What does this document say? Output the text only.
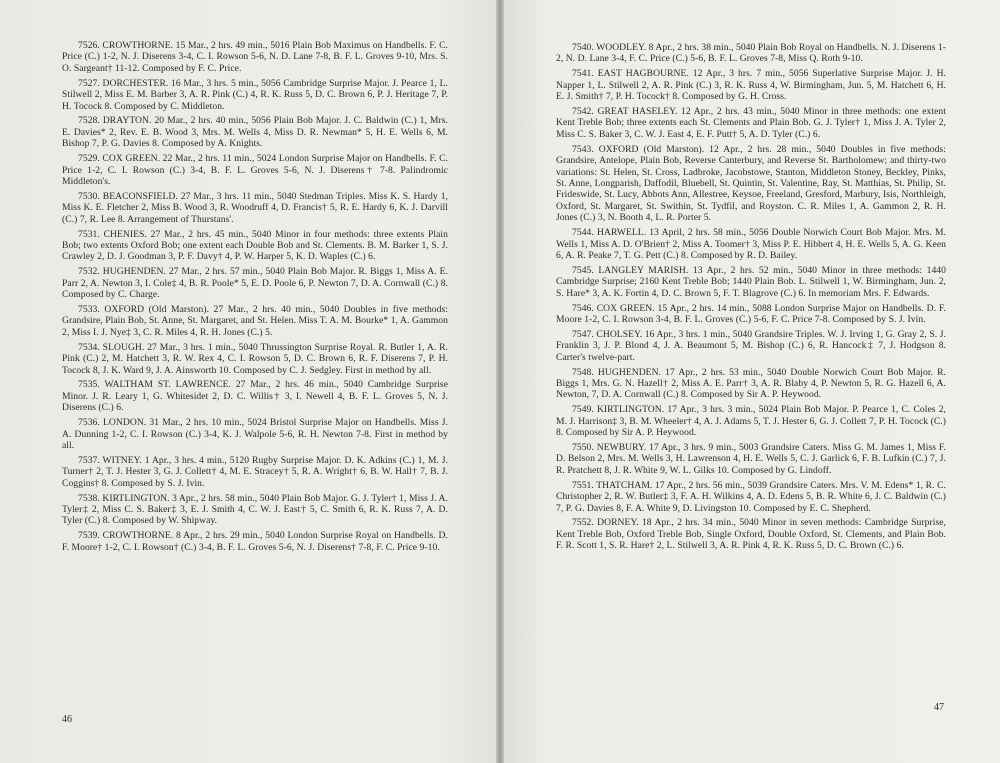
7526. CROWTHORNE. 15 Mar., 2 hrs. 49 min., 5016 Plain Bob Maximus on Handbells. F. C. Price (C.) 1-2, N. J. Diserens 3-4, C. I. Rowson 5-6, N. D. Lane 7-8, B. F. L. Groves 9-10, Mrs. S. O. Sargeant† 11-12. Composed by F. C. Price.

7527. DORCHESTER. 16 Mar., 3 hrs. 5 min., 5056 Cambridge Surprise Major. J. Pearce 1, L. Stilwell 2, Miss E. M. Barber 3, A. R. Pink (C.) 4, R. K. Russ 5, D. C. Brown 6, P. J. Heritage 7, P. H. Tocock 8. Composed by C. Middleton.

7528. DRAYTON. 20 Mar., 2 hrs. 40 min., 5056 Plain Bob Major. J. C. Baldwin (C.) 1, Mrs. E. Davies* 2, Rev. E. B. Wood 3, Mrs. M. Wells 4, Miss D. R. Newman* 5, H. E. Wells 6, M. Bishop 7, P. G. Davies 8. Composed by A. Knights.

7529. COX GREEN. 22 Mar., 2 hrs. 11 min., 5024 London Surprise Major on Handbells. F. C. Price 1-2, C. I. Rowson (C.) 3-4, B. F. L. Groves 5-6, N. J. Diserens† 7-8. Palindromic Middleton's.

7530. BEACONSFIELD. 27 Mar., 3 hrs. 11 min., 5040 Stedman Triples. Miss K. S. Hardy 1, Miss K. E. Fletcher 2, Miss B. Wood 3, R. Woodruff 4, D. Francis† 5, R. E. Hardy 6, K. J. Darvill (C.) 7, R. Lee 8. Arrangement of Thurstans'.

7531. CHENIES. 27 Mar., 2 hrs. 45 min., 5040 Minor in four methods: three extents Plain Bob; two extents Oxford Bob; one extent each Double Bob and St. Clements. B. M. Barker 1, S. J. Crawley 2, D. J. Goodman 3, P. F. Davy† 4, P. W. Harper 5, K. D. Waples (C.) 6.

7532. HUGHENDEN. 27 Mar., 2 hrs. 57 min., 5040 Plain Bob Major. R. Biggs 1, Miss A. E. Parr 2, A. Newton 3, I. Cole‡ 4, B. R. Poole* 5, E. D. Poole 6, P. Newton 7, D. A. Cornwall (C.) 8. Composed by C. Charge.

7533. OXFORD (Old Marston). 27 Mar., 2 hrs. 40 min., 5040 Doubles in five methods: Grandsire, Plain Bob, St. Anne, St. Margaret, and St. Helen. Miss T. A. M. Bourke* 1, A. Gammon 2, Miss I. J. Nye‡ 3, C. R. Miles 4, R. H. Jones (C.) 5.

7534. SLOUGH. 27 Mar., 3 hrs. 1 min., 5040 Thrussington Surprise Royal. R. Butler 1, A. R. Pink (C.) 2, M. Hatchett 3, R. W. Rex 4, C. I. Rowson 5, D. C. Brown 6, R. F. Diserens 7, P. H. Tocock 8, J. K. Ward 9, J. A. Ainsworth 10. Composed by C. J. Sedgley. First in method by all.

7535. WALTHAM ST. LAWRENCE. 27 Mar., 2 hrs. 46 min., 5040 Cambridge Surprise Minor. J. R. Leary 1, G. Whitesidet 2, D. C. Willis† 3, I. Newell 4, B. F. L. Groves 5, N. J. Diserens (C.) 6.

7536. LONDON. 31 Mar., 2 hrs. 10 min., 5024 Bristol Surprise Major on Handbells. Miss J. A. Dunning 1-2, C. I. Rowson (C.) 3-4, K. J. Walpole 5-6, R. H. Newton 7-8. First in method by all.

7537. WITNEY. 1 Apr., 3 hrs. 4 min., 5120 Rugby Surprise Major. D. K. Adkins (C.) 1, M. J. Turner† 2, T. J. Hester 3, G. J. Collett† 4, M. E. Stracey† 5, R. A. Wright† 6, B. W. Hall† 7, B. J. Coggins† 8. Composed by S. J. Ivin.

7538. KIRTLINGTON. 3 Apr., 2 hrs. 58 min., 5040 Plain Bob Major. G. J. Tyler† 1, Miss J. A. Tyler‡ 2, Miss C. S. Baker‡ 3, E. J. Smith 4, C. W. J. East† 5, C. Smith 6, R. K. Russ 7, A. D. Tyler (C.) 8. Composed by W. Shipway.

7539. CROWTHORNE. 8 Apr., 2 hrs. 29 min., 5040 London Surprise Royal on Handbells. D. F. Moore† 1-2, C. I. Rowson† (C.) 3-4, B. F. L. Groves 5-6, N. J. Diserens† 7-8, F. C. Price 9-10.

46

7540. WOODLEY. 8 Apr., 2 hrs. 38 min., 5040 Plain Bob Royal on Handbells. N. J. Diserens 1-2, N. D. Lane 3-4, F. C. Price (C.) 5-6, B. F. L. Groves 7-8, Miss Q. Roth 9-10.

7541. EAST HAGBOURNE. 12 Apr., 3 hrs. 7 min., 5056 Superlative Surprise Major. J. H. Napper 1, L. Stilwell 2, A. R. Pink (C.) 3, R. K. Russ 4, W. Birmingham, Jun. 5, M. Hatchett 6, H. E. J. Smith† 7, P. H. Tocock† 8. Composed by G. H. Cross.

7542. GREAT HASELEY. 12 Apr., 2 hrs. 43 min., 5040 Minor in three methods: one extent Kent Treble Bob; three extents each St. Clements and Plain Bob. G. J. Tyler† 1, Miss J. A. Tyler 2, Miss C. S. Baker 3, C. W. J. East 4, E. F. Putt† 5, A. D. Tyler (C.) 6.

7543. OXFORD (Old Marston). 12 Apr., 2 hrs. 28 min., 5040 Doubles in five methods: Grandsire, Antelope, Plain Bob, Reverse Canterbury, and Reverse St. Bartholomew; and thirty-two variations: St. Helen, St. Cross, Ladbroke, Jacobstowe, Stanton, Middleton Stoney, Beckley, Pinks, St. Anne, Longparish, Daffodil, Bluebell, St. Quintin, St. Valentine, Ray, St. Matthias, St. Philip, St. Frideswide, St. Lucy, Abbots Ann, Allestree, Keysoe, Freeland, Gresford, Marbury, Isis, Northleigh, Oxford, St. Margaret, St. Swithin, St. Tydfil, and Royston. C. R. Miles 1, A. Gammon 2, R. H. Jones (C.) 3, N. Booth 4, L. R. Porter 5.

7544. HARWELL. 13 April, 2 hrs. 58 min., 5056 Double Norwich Court Bob Major. Mrs. M. Wells 1, Miss A. D. O'Brien† 2, Miss A. Toomer† 3, Miss P. E. Hibbert 4, H. E. Wells 5, A. G. Keen 6, A. R. Peake 7, T. G. Pett (C.) 8. Composed by R. D. Bailey.

7545. LANGLEY MARISH. 13 Apr., 2 hrs. 52 min., 5040 Minor in three methods: 1440 Cambridge Surprise; 2160 Kent Treble Bob; 1440 Plain Bob. L. Stilwell 1, W. Birmingham, Jun. 2, S. Hare* 3, A. K. Fortin 4, D. C. Brown 5, F. T. Blagrove (C.) 6. In memoriam Mrs. F. Edwards.

7546. COX GREEN. 15 Apr., 2 hrs. 14 min., 5088 London Surprise Major on Handbells. D. F. Moore 1-2, C. I. Rowson 3-4, B. F. L. Groves (C.) 5-6, F. C. Price 7-8. Composed by S. J. Ivin.

7547. CHOLSEY. 16 Apr., 3 hrs. 1 min., 5040 Grandsire Triples. W. J. Irving 1, G. Gray 2, S. J. Franklin 3, J. P. Blond 4, J. A. Beaumont 5, M. Bishop (C.) 6, R. Hancock‡ 7, J. Hodgson 8. Carter's twelve-part.

7548. HUGHENDEN. 17 Apr., 2 hrs. 53 min., 5040 Double Norwich Court Bob Major. R. Biggs 1, Mrs. G. N. Hazell† 2, Miss A. E. Parr† 3, A. R. Blaby 4, P. Newton 5, R. G. Hazell 6, A. Newton, 7, D. A. Cornwall (C.) 8. Composed by Sir A. P. Heywood.

7549. KIRTLINGTON. 17 Apr., 3 hrs. 3 min., 5024 Plain Bob Major. P. Pearce 1, C. Coles 2, M. J. Harrison‡ 3, B. M. Wheeler† 4, A. J. Adams 5, T. J. Hester 6, G. J. Collett 7, P. H. Tocock (C.) 8. Composed by Sir A. P. Heywood.

7550. NEWBURY. 17 Apr., 3 hrs. 9 min., 5003 Grandsire Caters. Miss G. M. James 1, Miss F. D. Belson 2, Mrs. M. Wells 3, H. Lawrenson 4, H. E. Wells 5, C. J. Garlick 6, F. B. Lufkin (C.) 7, J. R. Pratchett 8, J. R. White 9, W. L. Gilks 10. Composed by G. Lindoff.

7551. THATCHAM. 17 Apr., 2 hrs. 56 min., 5039 Grandsire Caters. Mrs. V. M. Edens* 1, R. C. Christopher 2, R. W. Butler‡ 3, F. A. H. Wilkins 4, A. D. Edens 5, B. R. White 6, J. C. Baldwin (C.) 7, P. G. Davies 8, F. A. White 9, D. Livingston 10. Composed by E. C. Shepherd.

7552. DORNEY. 18 Apr., 2 hrs. 34 min., 5040 Minor in seven methods: Cambridge Surprise, Kent Treble Bob, Oxford Treble Bob, Single Oxford, Double Oxford, St. Clements, and Plain Bob. F. R. Scott 1, S. R. Hare† 2, L. Stilwell 3, A. R. Pink 4, R. K. Russ 5, D. C. Brown (C.) 6.

47
